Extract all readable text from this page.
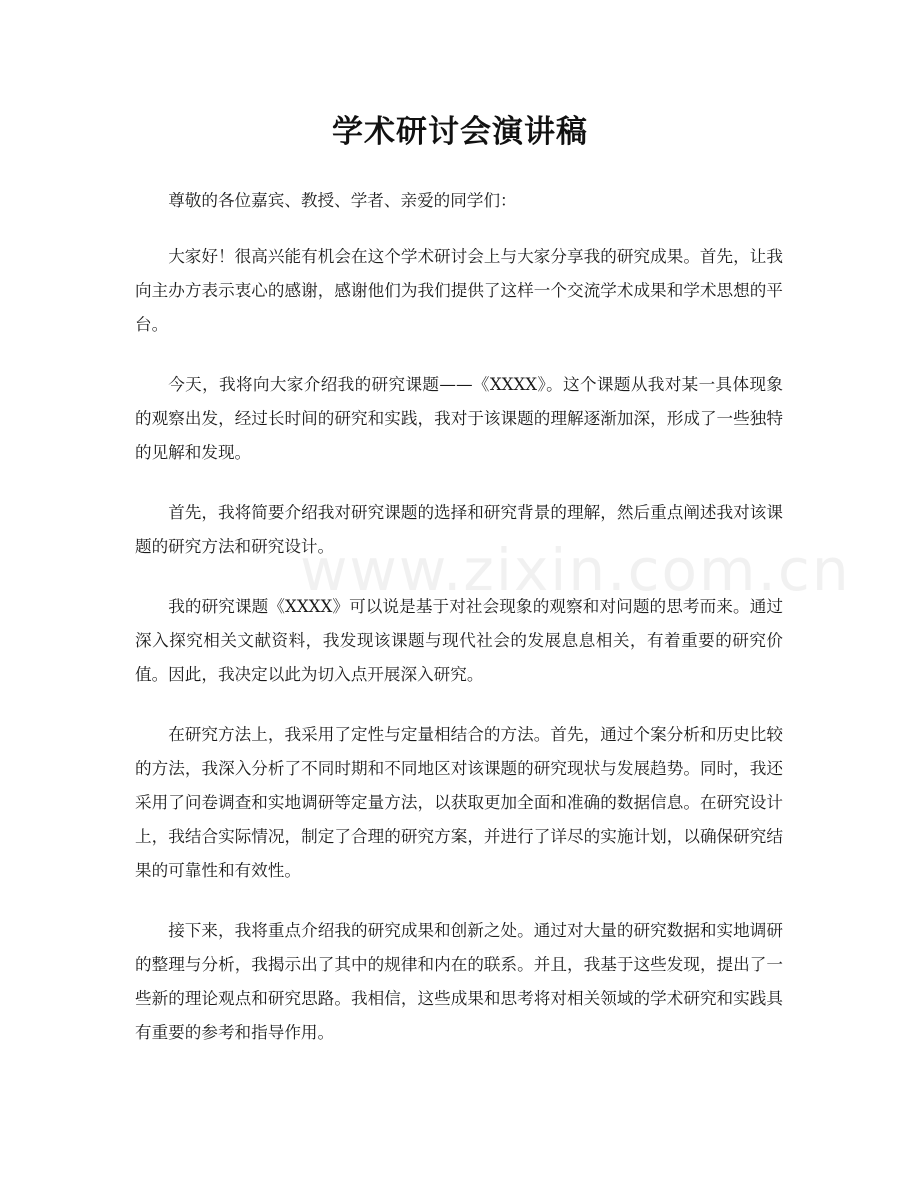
学术研讨会演讲稿

尊敬的各位嘉宾、教授、学者、亲爱的同学们：

大家好！很高兴能有机会在这个学术研讨会上与大家分享我的研究成果。首先，让我向主办方表示衷心的感谢，感谢他们为我们提供了这样一个交流学术成果和学术思想的平台。

今天，我将向大家介绍我的研究课题——《XXXX》。这个课题从我对某一具体现象的观察出发，经过长时间的研究和实践，我对于该课题的理解逐渐加深，形成了一些独特的见解和发现。

首先，我将简要介绍我对研究课题的选择和研究背景的理解，然后重点阐述我对该课题的研究方法和研究设计。

我的研究课题《XXXX》可以说是基于对社会现象的观察和对问题的思考而来。通过深入探究相关文献资料，我发现该课题与现代社会的发展息息相关，有着重要的研究价值。因此，我决定以此为切入点开展深入研究。

在研究方法上，我采用了定性与定量相结合的方法。首先，通过个案分析和历史比较的方法，我深入分析了不同时期和不同地区对该课题的研究现状与发展趋势。同时，我还采用了问卷调查和实地调研等定量方法，以获取更加全面和准确的数据信息。在研究设计上，我结合实际情况，制定了合理的研究方案，并进行了详尽的实施计划，以确保研究结果的可靠性和有效性。

接下来，我将重点介绍我的研究成果和创新之处。通过对大量的研究数据和实地调研的整理与分析，我揭示出了其中的规律和内在的联系。并且，我基于这些发现，提出了一些新的理论观点和研究思路。我相信，这些成果和思考将对相关领域的学术研究和实践具有重要的参考和指导作用。

www.zixin.com.cn
